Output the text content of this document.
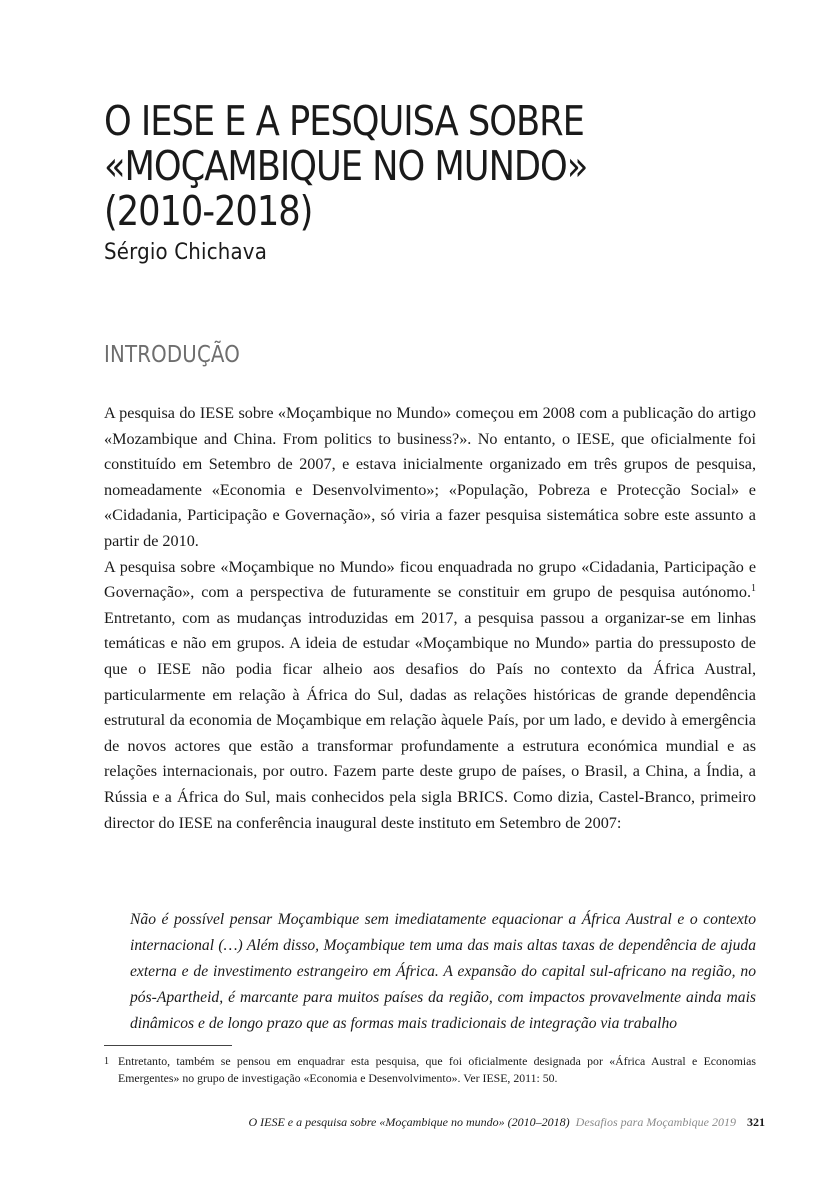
O IESE E A PESQUISA SOBRE
«MOÇAMBIQUE NO MUNDO»
(2010-2018)
Sérgio Chichava
INTRODUÇÃO

A pesquisa do IESE sobre «Moçambique no Mundo» começou em 2008 com a publicação do artigo «Mozambique and China. From politics to business?». No entanto, o IESE, que oficialmente foi constituído em Setembro de 2007, e estava inicialmente organizado em três grupos de pesquisa, nomeadamente «Economia e Desenvolvimento»; «População, Pobreza e Protecção Social» e «Cidadania, Participação e Governação», só viria a fazer pesquisa sistemática sobre este assunto a partir de 2010.

A pesquisa sobre «Moçambique no Mundo» ficou enquadrada no grupo «Cidadania, Participação e Governação», com a perspectiva de futuramente se constituir em grupo de pesquisa autónomo.$^1$ Entretanto, com as mudanças introduzidas em 2017, a pesquisa passou a organizar-se em linhas temáticas e não em grupos. A ideia de estudar «Moçambique no Mundo» partia do pressuposto de que o IESE não podia ficar alheio aos desafios do País no contexto da África Austral, particularmente em relação à África do Sul, dadas as relações históricas de grande dependência estrutural da economia de Moçambique em relação àquele País, por um lado, e devido à emergência de novos actores que estão a transformar profundamente a estrutura económica mundial e as relações internacionais, por outro. Fazem parte deste grupo de países, o Brasil, a China, a Índia, a Rússia e a África do Sul, mais conhecidos pela sigla BRICS. Como dizia, Castel-Branco, primeiro director do IESE na conferência inaugural deste instituto em Setembro de 2007:

Não é possível pensar Moçambique sem imediatamente equacionar a África Austral e o contexto internacional (…) Além disso, Moçambique tem uma das mais altas taxas de dependência de ajuda externa e de investimento estrangeiro em África. A expansão do capital sul-africano na região, no pós-Apartheid, é marcante para muitos países da região, com impactos provavelmente ainda mais dinâmicos e de longo prazo que as formas mais tradicionais de integração via trabalho

1 Entretanto, também se pensou em enquadrar esta pesquisa, que foi oficialmente designada por «África Austral e Economias Emergentes» no grupo de investigação «Economia e Desenvolvimento». Ver IESE, 2011: 50.
O IESE e a pesquisa sobre «Moçambique no mundo» (2010–2018) Desafios para Moçambique 2019 321
